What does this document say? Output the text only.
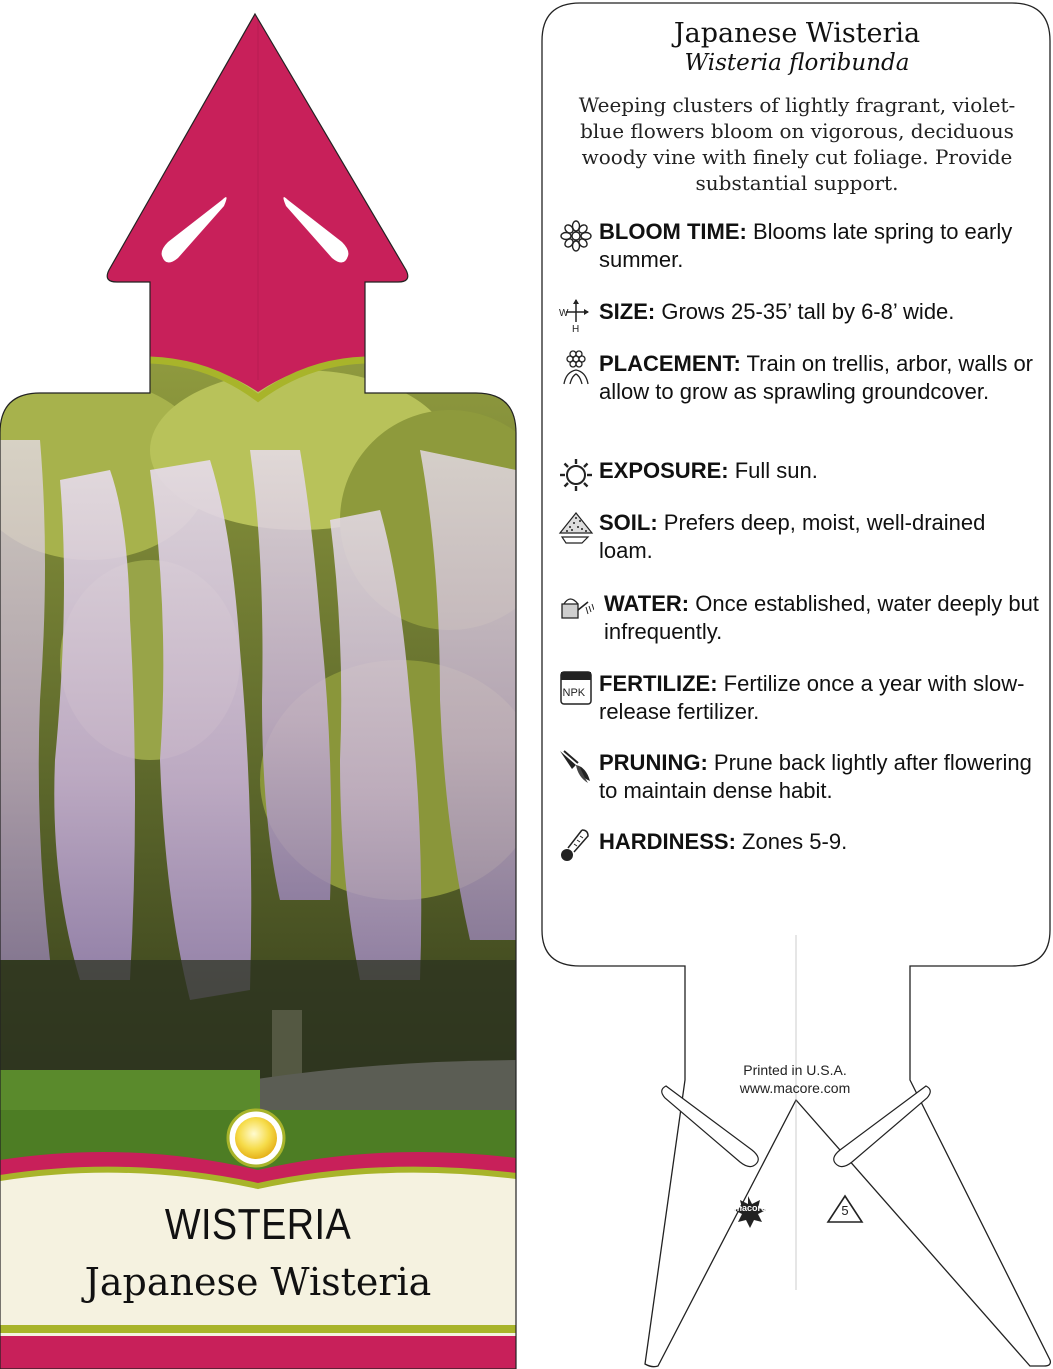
WISTERIA
Japanese Wisteria
Japanese Wisteria
Wisteria floribunda
Weeping clusters of lightly fragrant, violet-blue flowers bloom on vigorous, deciduous woody vine with finely cut foliage. Provide substantial support.
BLOOM TIME: Blooms late spring to early summer.
W
H
SIZE: Grows 25-35’ tall by 6-8’ wide.
PLACEMENT: Train on trellis, arbor, walls or allow to grow as sprawling groundcover.
EXPOSURE: Full sun.
SOIL: Prefers deep, moist, well-drained loam.
WATER: Once established, water deeply but infrequently.
NPK FERTILIZE: Fertilize once a year with slow-release fertilizer.
PRUNING: Prune back lightly after flowering to maintain dense habit.
HARDINESS: Zones 5-9.
Printed in U.S.A.
www.macore.com
macore	5
